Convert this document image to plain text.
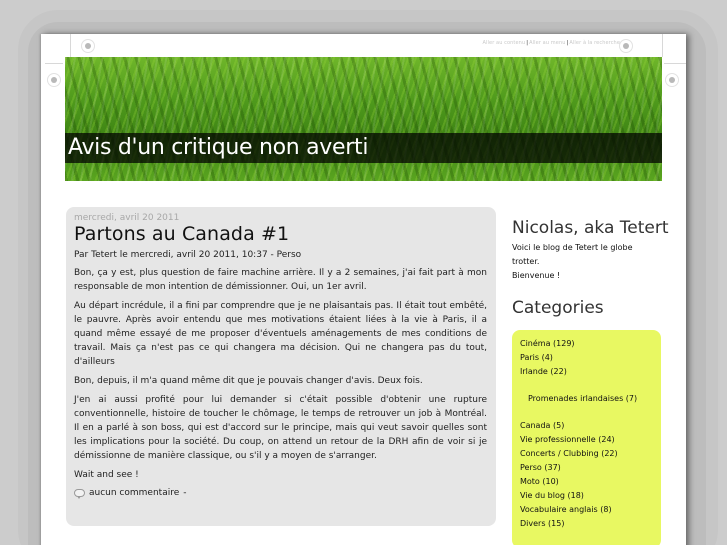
Aller au contenu|Aller au menu|Aller à la recherche
Avis d'un critique non averti
mercredi, avril 20 2011
Partons au Canada #1
Par Tetert le mercredi, avril 20 2011, 10:37 - Perso

Bon, ça y est, plus question de faire machine arrière. Il y a 2 semaines, j'ai fait part à mon responsable de mon intention de démissionner. Oui, un 1er avril.

Au départ incrédule, il a fini par comprendre que je ne plaisantais pas. Il était tout embêté, le pauvre. Après avoir entendu que mes motivations étaient liées à la vie à Paris, il a quand même essayé de me proposer d'éventuels aménagements de mes conditions de travail. Mais ça n'est pas ce qui changera ma décision. Qui ne changera pas du tout, d'ailleurs

Bon, depuis, il m'a quand même dit que je pouvais changer d'avis. Deux fois.

J'en ai aussi profité pour lui demander si c'était possible d'obtenir une rupture conventionnelle, histoire de toucher le chômage, le temps de retrouver un job à Montréal. Il en a parlé à son boss, qui est d'accord sur le principe, mais qui veut savoir quelles sont les implications pour la société. Du coup, on attend un retour de la DRH afin de voir si je démissionne de manière classique, ou s'il y a moyen de s'arranger.

Wait and see !

aucun commentaire -
Nicolas, aka Tetert
Voici le blog de Tetert le globe trotter.
Bienvenue !
Categories
Cinéma (129)
Paris (4)
Irlande (22)
Promenades irlandaises (7)
Canada (5)
Vie professionnelle (24)
Concerts / Clubbing (22)
Perso (37)
Moto (10)
Vie du blog (18)
Vocabulaire anglais (8)
Divers (15)
